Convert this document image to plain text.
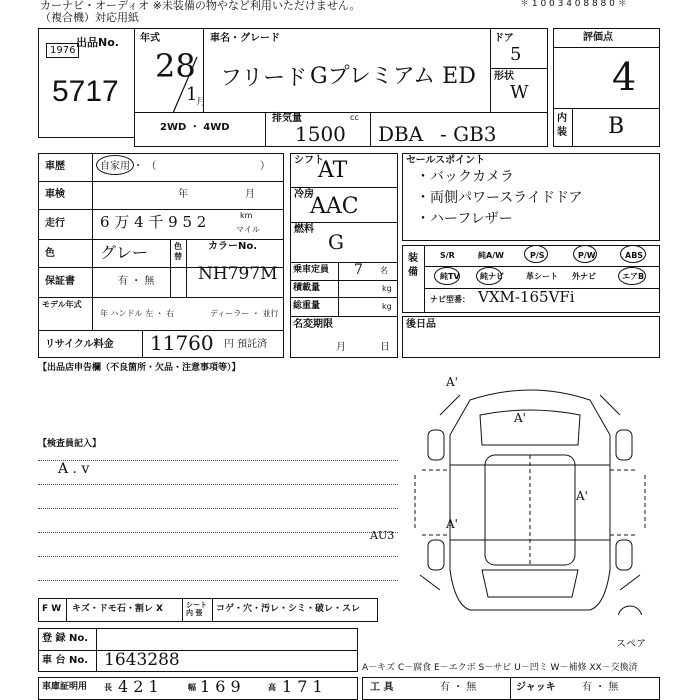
カーナビ・オーディオ ※未装備の物やなど利用いただけません。
（複合機）対応用紙
＊ 1 0 0 3 4 0 8 8 8 0 ＊
出品No.
1976
5717
年式
28
1
月
車名・グレード
フリード Gプレミアム ED
ドア
5
形状
W
2WD ・ 4WD
排気量	cc
1500 DBA - GB3
評価点
4
内装 B
車歴	自家用 ・ （	）
車検	年	月
走行 6 万 4 千 9 5 2	km
マイル
色	グレー	色替
カラーNo.
NH797M
保証書	有 ・ 無
モデル年式
年 ハンドル 左 ・ 右	ディーラー ・ 並行
リサイクル料金 11760 円 預託済
シフト
AT
冷房
AAC
燃料
G
乗車定員 7 名
積載量	kg
総重量	kg
名変期限
月	日
セールスポイント
・バックカメラ
・両側パワースライドドア
・ハーフレザー
装備
S/R	純A/W	P/S	P/W	ABS
純TV	純ナビ	革シート 外ナビ	エアB
ナビ型番： VXM-165VFi
後日品
【出品店申告欄（不良箇所・欠品・注意事項等）】
【検査員記入】
A . v
A'
A'
A'
AU3
A'
スペア
F W キズ・ドモ石・割レ X	シート内 張	コゲ・穴・汚レ・シミ・破レ・スレ
登 録 No.
車 台 No. 1643288
車庫証明用 長 4 2 1	幅 1 6 9	高 1 7 1
A－キズ C－腐食 E－エクボ S－サビ U－凹ミ W－補修 XX－交換済
工 具	有 ・ 無	ジャッキ	有 ・ 無
